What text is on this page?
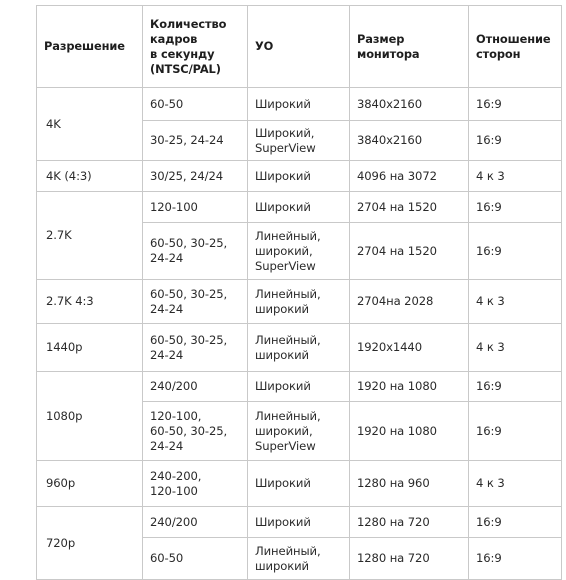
Разрешение	Количество
кадров
в секунду
(NTSC/PAL)	УО	Размер
монитора	Отношение
сторон
4K	60-50	Широкий	3840x2160	16:9
	30-25, 24-24	Широкий,
SuperView	3840x2160	16:9
4K (4:3)	30/25, 24/24	Широкий	4096 на 3072	4 к 3
2.7K	120-100	Широкий	2704 на 1520	16:9
	60-50, 30-25,
24-24	Линейный,
широкий,
SuperView	2704 на 1520	16:9
2.7K 4:3	60-50, 30-25,
24-24	Линейный,
широкий	2704на 2028	4 к 3
1440p	60-50, 30-25,
24-24	Линейный,
широкий	1920x1440	4 к 3
1080p	240/200	Широкий	1920 на 1080	16:9
	120-100,
60-50, 30-25,
24-24	Линейный,
широкий,
SuperView	1920 на 1080	16:9
960p	240-200,
120-100	Широкий	1280 на 960	4 к 3
720p	240/200	Широкий	1280 на 720	16:9
	60-50	Линейный,
широкий	1280 на 720	16:9
